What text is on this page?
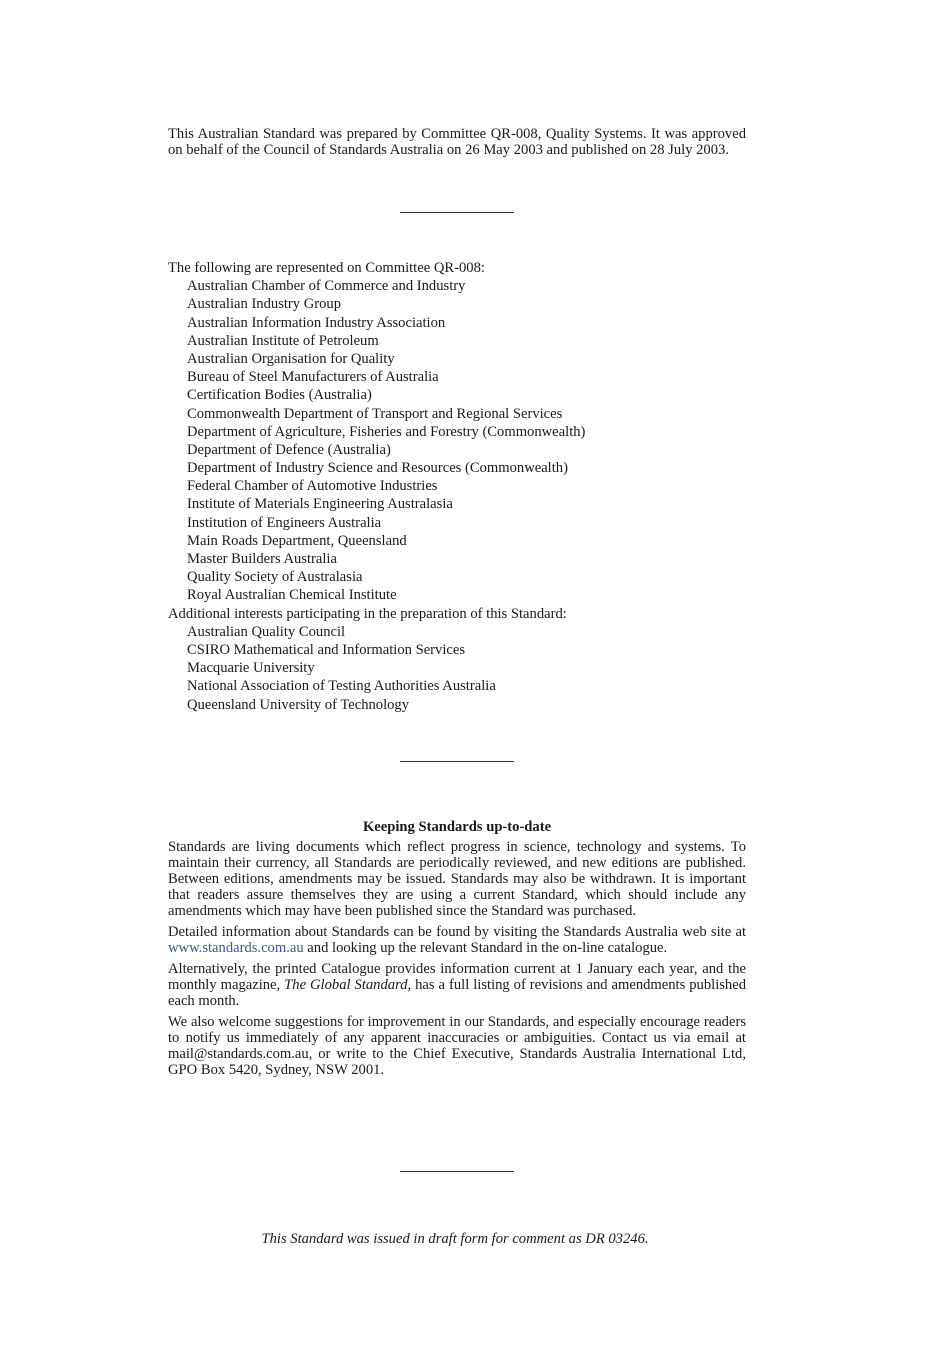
This Australian Standard was prepared by Committee QR-008, Quality Systems. It was approved on behalf of the Council of Standards Australia on 26 May 2003 and published on 28 July 2003.

The following are represented on Committee QR-008:
Australian Chamber of Commerce and Industry
Australian Industry Group
Australian Information Industry Association
Australian Institute of Petroleum
Australian Organisation for Quality
Bureau of Steel Manufacturers of Australia
Certification Bodies (Australia)
Commonwealth Department of Transport and Regional Services
Department of Agriculture, Fisheries and Forestry (Commonwealth)
Department of Defence (Australia)
Department of Industry Science and Resources (Commonwealth)
Federal Chamber of Automotive Industries
Institute of Materials Engineering Australasia
Institution of Engineers Australia
Main Roads Department, Queensland
Master Builders Australia
Quality Society of Australasia
Royal Australian Chemical Institute
Additional interests participating in the preparation of this Standard:
Australian Quality Council
CSIRO Mathematical and Information Services
Macquarie University
National Association of Testing Authorities Australia
Queensland University of Technology

Keeping Standards up-to-date

Standards are living documents which reflect progress in science, technology and systems. To maintain their currency, all Standards are periodically reviewed, and new editions are published. Between editions, amendments may be issued. Standards may also be withdrawn. It is important that readers assure themselves they are using a current Standard, which should include any amendments which may have been published since the Standard was purchased.

Detailed information about Standards can be found by visiting the Standards Australia web site at www.standards.com.au and looking up the relevant Standard in the on-line catalogue.

Alternatively, the printed Catalogue provides information current at 1 January each year, and the monthly magazine, The Global Standard, has a full listing of revisions and amendments published each month.

We also welcome suggestions for improvement in our Standards, and especially encourage readers to notify us immediately of any apparent inaccuracies or ambiguities. Contact us via email at mail@standards.com.au, or write to the Chief Executive, Standards Australia International Ltd, GPO Box 5420, Sydney, NSW 2001.

This Standard was issued in draft form for comment as DR 03246.
